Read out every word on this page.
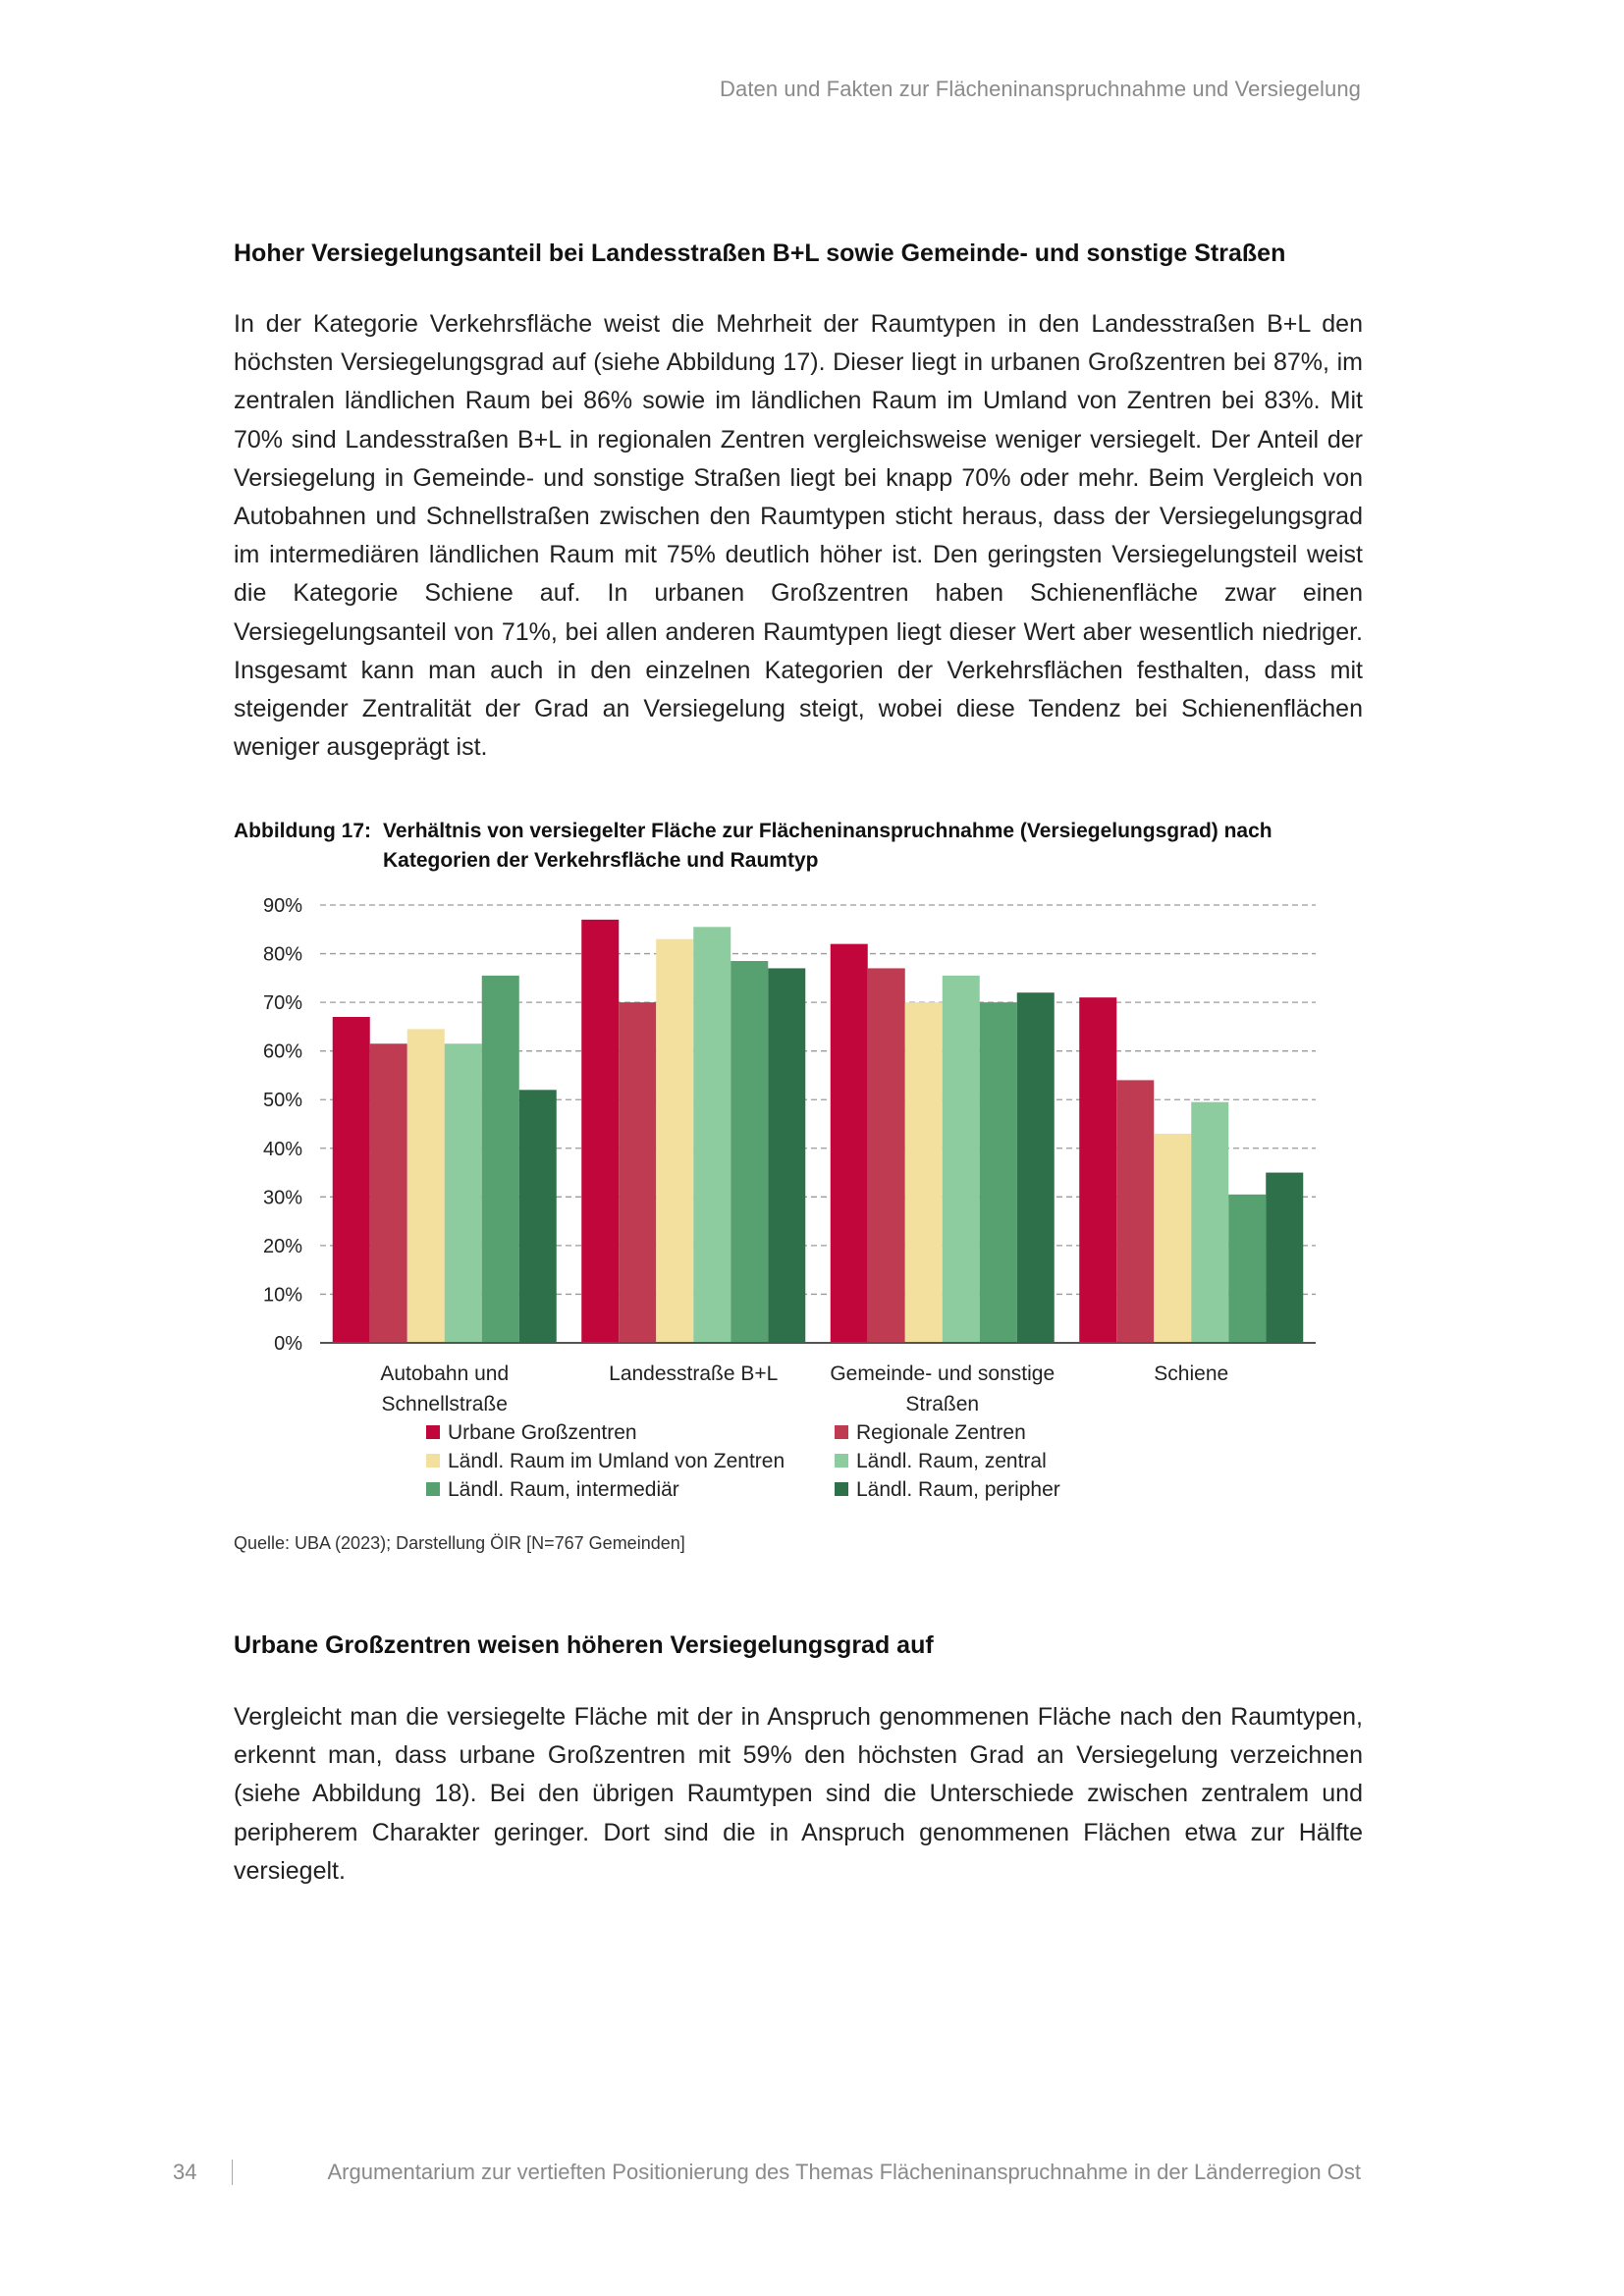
Daten und Fakten zur Flächeninanspruchnahme und Versiegelung
Hoher Versiegelungsanteil bei Landesstraßen B+L sowie Gemeinde- und sonstige Straßen
In der Kategorie Verkehrsfläche weist die Mehrheit der Raumtypen in den Landesstraßen B+L den höchsten Versiegelungsgrad auf (siehe Abbildung 17). Dieser liegt in urbanen Großzentren bei 87%, im zentralen ländlichen Raum bei 86% sowie im ländlichen Raum im Umland von Zentren bei 83%. Mit 70% sind Landesstraßen B+L in regionalen Zentren vergleichsweise weniger versiegelt. Der Anteil der Versiegelung in Gemeinde- und sonstige Straßen liegt bei knapp 70% oder mehr. Beim Vergleich von Autobahnen und Schnellstraßen zwischen den Raumtypen sticht heraus, dass der Versiegelungsgrad im intermediären ländlichen Raum mit 75% deutlich höher ist. Den geringsten Versiegelungsteil weist die Kategorie Schiene auf. In urbanen Großzentren haben Schienenfläche zwar einen Versiegelungsanteil von 71%, bei allen anderen Raumtypen liegt dieser Wert aber wesentlich niedriger. Insgesamt kann man auch in den einzelnen Kategorien der Verkehrsflächen festhalten, dass mit steigender Zentralität der Grad an Versiegelung steigt, wobei diese Tendenz bei Schienenflächen weniger ausgeprägt ist.
Abbildung 17: Verhältnis von versiegelter Fläche zur Flächeninanspruchnahme (Versiegelungsgrad) nach Kategorien der Verkehrsfläche und Raumtyp
0%
10%
20%
30%
40%
50%
60%
70%
80%
90%
Autobahn und
Schnellstraße
Landesstraße B+L	Gemeinde- und sonstige
Straßen
Schiene
Urbane Großzentren	Regionale Zentren
Ländl. Raum im Umland von Zentren	Ländl. Raum, zentral
Ländl. Raum, intermediär	Ländl. Raum, peripher
Quelle: UBA (2023); Darstellung ÖIR [N=767 Gemeinden]
Urbane Großzentren weisen höheren Versiegelungsgrad auf
Vergleicht man die versiegelte Fläche mit der in Anspruch genommenen Fläche nach den Raumtypen, erkennt man, dass urbane Großzentren mit 59% den höchsten Grad an Versiegelung verzeichnen (siehe Abbildung 18). Bei den übrigen Raumtypen sind die Unterschiede zwischen zentralem und peripherem Charakter geringer. Dort sind die in Anspruch genommenen Flächen etwa zur Hälfte versiegelt.
34	Argumentarium zur vertieften Positionierung des Themas Flächeninanspruchnahme in der Länderregion Ost
